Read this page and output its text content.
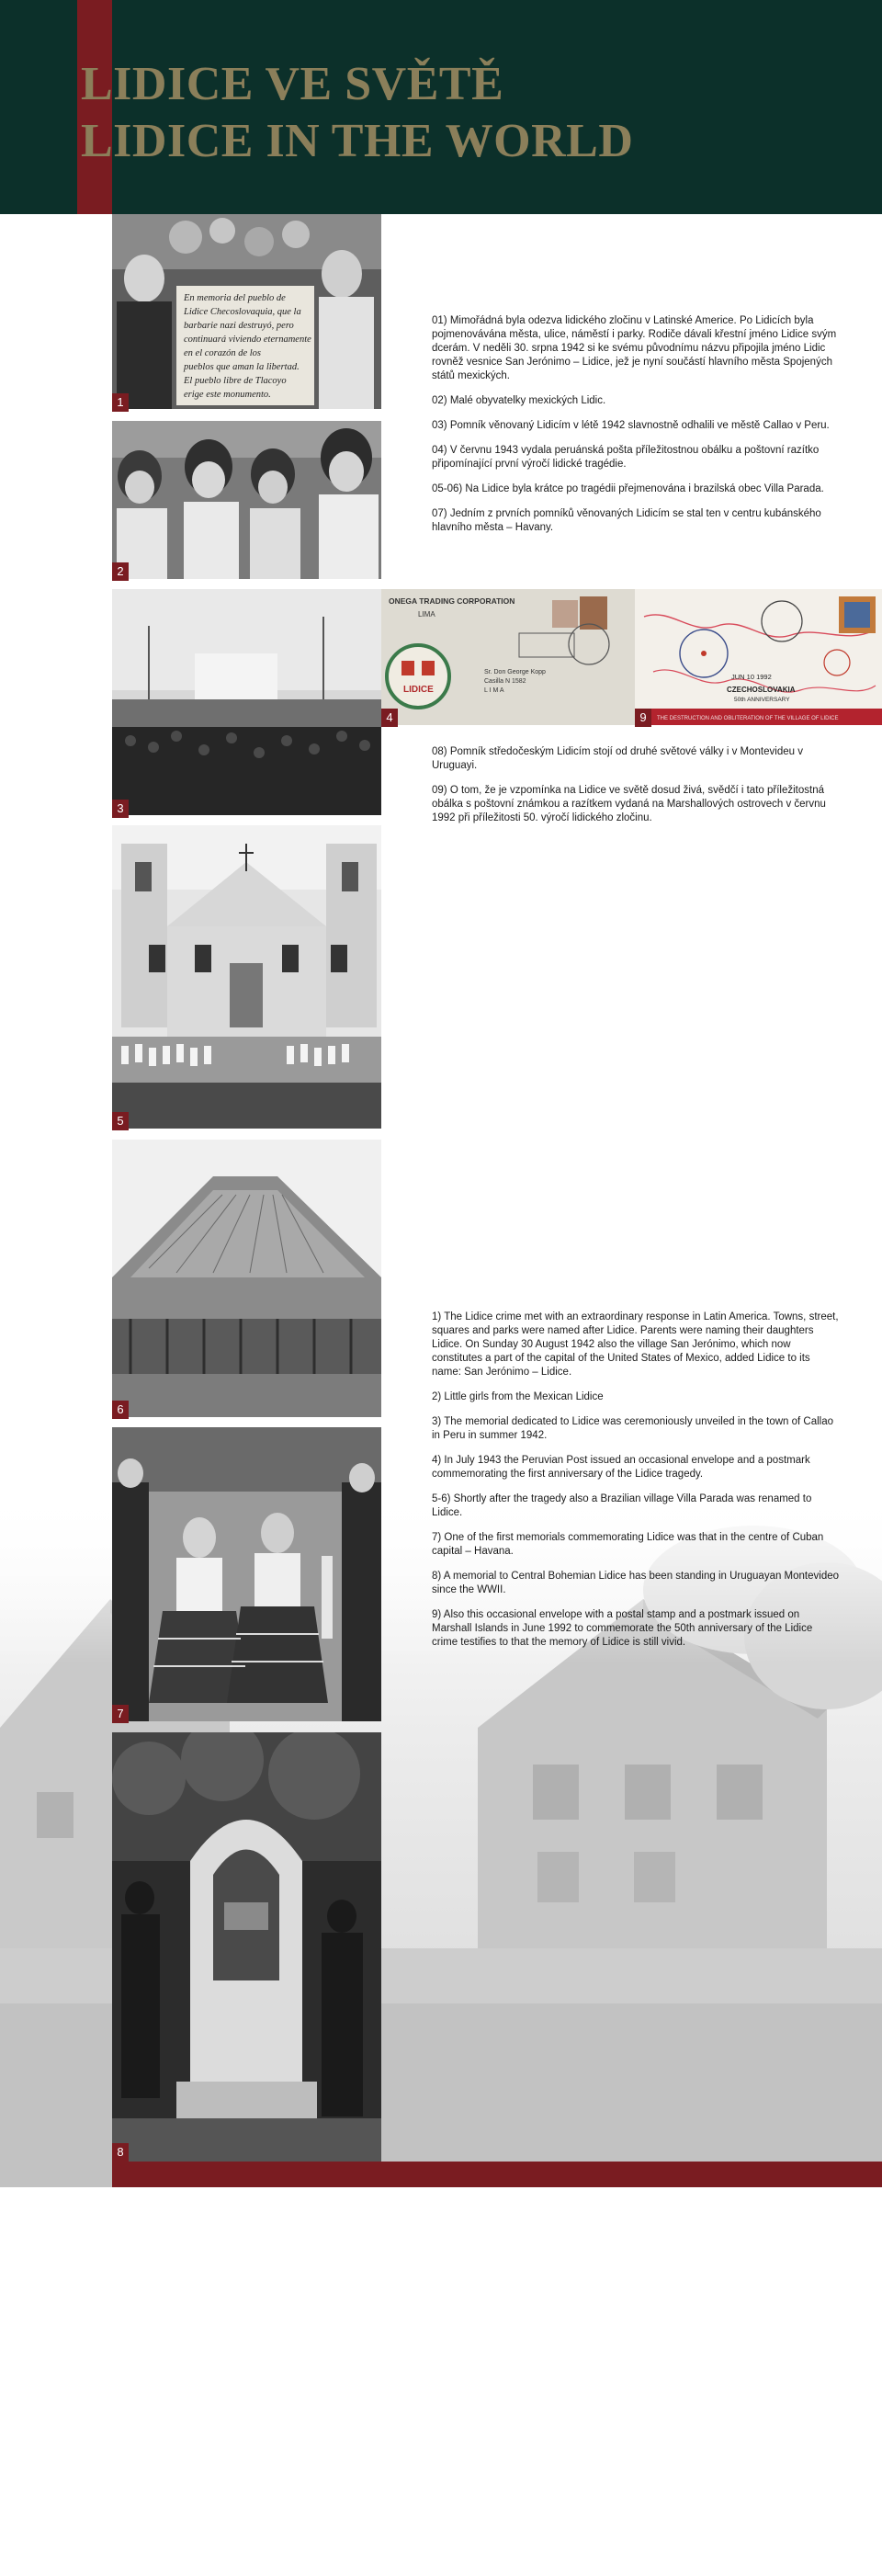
LIDICE VE SVĚTĚ
LIDICE IN THE WORLD
En memoria del pueblo de
Lidice Checoslovaquia, que la
barbarie nazi destruyó, pero
continuará viviendo eternamente
en el corazón de los
pueblos que aman la libertad.
El pueblo libre de Tlacoyo
erige este monumento.
1
2
3
ONEGA TRADING CORPORATION
LIMA
LIDICE
Sr. Don George Kopp
Casilla N 1582
L I M A
4
JUN 10 1992
CZECHOSLOVAKIA
50th ANNIVERSARY
THE DESTRUCTION AND OBLITERATION OF THE VILLAGE OF LIDICE
9
5
6
7
8

01) Mimořádná byla odezva lidického zločinu v Latinské Americe. Po Lidicích byla pojmenovávána města, ulice, náměstí i parky. Rodiče dávali křestní jméno Lidice svým dcerám. V neděli 30. srpna 1942 si ke svému původnímu názvu připojila jméno Lidic rovněž vesnice San Jerónimo – Lidice, jež je nyní součástí hlavního města Spojených států mexických.

02) Malé obyvatelky mexických Lidic.

03) Pomník věnovaný Lidicím v létě 1942 slavnostně odhalili ve městě Callao v Peru.

04) V červnu 1943 vydala peruánská pošta příležitostnou obálku a poštovní razítko připomínající první výročí lidické tragédie.

05-06) Na Lidice byla krátce po tragédii přejmenována i brazilská obec Villa Parada.

07) Jedním z prvních pomníků věnovaných Lidicím se stal ten v centru kubánského hlavního města – Havany.

08) Pomník středočeským Lidicím stojí od druhé světové války i v Montevideu v Uruguayi.

09) O tom, že je vzpomínka na Lidice ve světě dosud živá, svědčí i tato příležitostná obálka s poštovní známkou a razítkem vydaná na Marshallových ostrovech v červnu 1992 při příležitosti 50. výročí lidického zločinu.

1) The Lidice crime met with an extraordinary response in Latin America. Towns, street, squares and parks were named after Lidice. Parents were naming their daughters Lidice. On Sunday 30 August 1942 also the village San Jerónimo, which now constitutes a part of the capital of the United States of Mexico, added Lidice to its name: San Jerónimo – Lidice.

2) Little girls from the Mexican Lidice

3) The memorial dedicated to Lidice was ceremoniously unveiled in the town of Callao in Peru in summer 1942.

4) In July 1943 the Peruvian Post issued an occasional envelope and a postmark commemorating the first anniversary of the Lidice tragedy.

5-6) Shortly after the tragedy also a Brazilian village Villa Parada was renamed to Lidice.

7) One of the first memorials commemorating Lidice was that in the centre of Cuban capital – Havana.

8) A memorial to Central Bohemian Lidice has been standing in Uruguayan Montevideo since the WWII.

9) Also this occasional envelope with a postal stamp and a postmark issued on Marshall Islands in June 1992 to commemorate the 50th anniversary of the Lidice crime testifies to that the memory of Lidice is still vivid.
